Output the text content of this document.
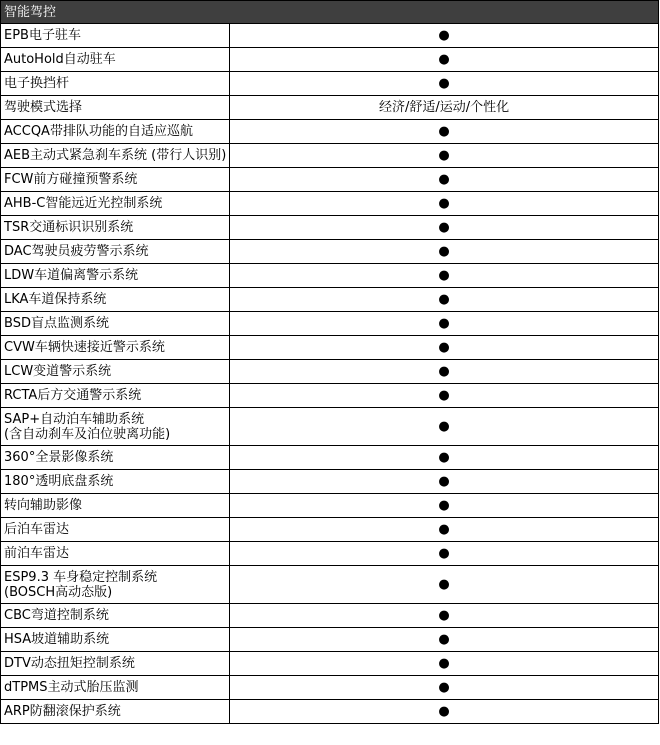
智能驾控	
EPB电子驻车	●
AutoHold自动驻车	●
电子换挡杆	●
驾驶模式选择	经济/舒适/运动/个性化
ACCQA带排队功能的自适应巡航	●
AEB主动式紧急刹车系统 (带行人识别)	●
FCW前方碰撞预警系统	●
AHB-C智能远近光控制系统	●
TSR交通标识识别系统	●
DAC驾驶员疲劳警示系统	●
LDW车道偏离警示系统	●
LKA车道保持系统	●
BSD盲点监测系统	●
CVW车辆快速接近警示系统	●
LCW变道警示系统	●
RCTA后方交通警示系统	●

SAP+自动泊车辅助系统
(含自动刹车及泊位驶离功能)	●
360°全景影像系统	●
180°透明底盘系统	●
转向辅助影像	●
后泊车雷达	●
前泊车雷达	●

ESP9.3 车身稳定控制系统
(BOSCH高动态版)	●
CBC弯道控制系统	●
HSA坡道辅助系统	●
DTV动态扭矩控制系统	●
dTPMS主动式胎压监测	●
ARP防翻滚保护系统	●
